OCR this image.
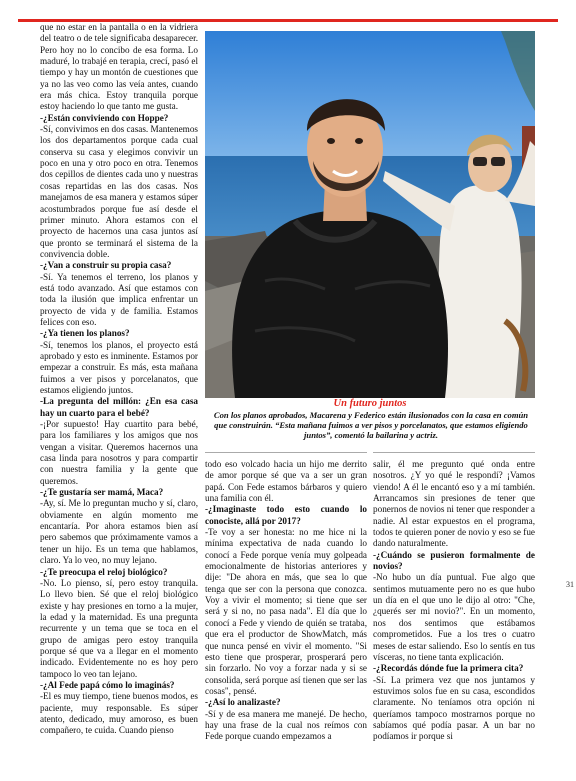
que no estar en la pantalla o en la vidriera del teatro o de tele significaba desaparecer. Pero hoy no lo concibo de esa forma. Lo maduré, lo trabajé en terapia, crecí, pasó el tiempo y hay un montón de cuestiones que ya no las veo como las veía antes, cuando era más chica. Estoy tranquila porque estoy haciendo lo que tanto me gusta.

-¿Están conviviendo con Hoppe?

-Sí, convivimos en dos casas. Mantenemos los dos departamentos porque cada cual conserva su casa y elegimos convivir un poco en una y otro poco en otra. Tenemos dos cepillos de dientes cada uno y nuestras cosas repartidas en las dos casas. Nos manejamos de esa manera y estamos súper acostumbrados porque fue así desde el primer minuto. Ahora estamos con el proyecto de hacernos una casa juntos así que pronto se terminará el sistema de la convivencia doble.

-¿Van a construir su propia casa?

-Sí. Ya tenemos el terreno, los planos y está todo avanzado. Así que estamos con toda la ilusión que implica enfrentar un proyecto de vida y de familia. Estamos felices con eso.

-¿Ya tienen los planos?

-Sí, tenemos los planos, el proyecto está aprobado y esto es inminente. Estamos por empezar a construir. Es más, esta mañana fuimos a ver pisos y porcelanatos, que estamos eligiendo juntos.

-La pregunta del millón: ¿En esa casa hay un cuarto para el bebé?

-¡Por supuesto! Hay cuartito para bebé, para los familiares y los amigos que nos vengan a visitar. Queremos hacernos una casa linda para nosotros y para compartir con nuestra familia y la gente que queremos.

-¿Te gustaría ser mamá, Maca?

-Ay, sí. Me lo preguntan mucho y sí, claro, obviamente en algún momento me encantaría. Por ahora estamos bien así pero sabemos que próximamente vamos a tener un hijo. Es un tema que hablamos, claro. Ya lo veo, no muy lejano.

-¿Te preocupa el reloj biológico?

-No. Lo pienso, sí, pero estoy tranquila. Lo llevo bien. Sé que el reloj biológico existe y hay presiones en torno a la mujer, la edad y la maternidad. Es una pregunta recurrente y un tema que se toca en el grupo de amigas pero estoy tranquila porque sé que va a llegar en el momento indicado. Evidentemente no es hoy pero tampoco lo veo tan lejano.

-¿Al Fede papá cómo lo imaginás?

-El es muy tiempo, tiene buenos modos, es paciente, muy responsable. Es súper atento, dedicado, muy amoroso, es buen compañero, te cuida. Cuando pienso

Un futuro juntos
Con los planos aprobados, Macarena y Federico están ilusionados con la casa en común que construirán. “Esta mañana fuimos a ver pisos y porcelanatos, que estamos eligiendo juntos”, comentó la bailarina y actriz.

todo eso volcado hacia un hijo me derrito de amor porque sé que va a ser un gran papá. Con Fede estamos bárbaros y quiero una familia con él.

-¿Imaginaste todo esto cuando lo conociste, allá por 2017?

-Te voy a ser honesta: no me hice ni la mínima expectativa de nada cuando lo conocí a Fede porque venía muy golpeada emocionalmente de historias anteriores y dije: "De ahora en más, que sea lo que tenga que ser con la persona que conozca. Voy a vivir el momento; si tiene que ser será y si no, no pasa nada". El día que lo conocí a Fede y viendo de quién se trataba, que era el productor de ShowMatch, más que nunca pensé en vivir el momento. "Si esto tiene que prosperar, prosperará pero sin forzarlo. No voy a forzar nada y si se consolida, será porque así tienen que ser las cosas", pensé.

-¿Así lo analizaste?

-Sí y de esa manera me manejé. De hecho, hay una frase de la cual nos reímos con Fede porque cuando empezamos a

salir, él me pregunto qué onda entre nosotros. ¿Y yo qué le respondí? ¡Vamos viendo! A él le encantó eso y a mí también. Arrancamos sin presiones de tener que ponernos de novios ni tener que responder a nadie. Al estar expuestos en el programa, todos te quieren poner de novio y eso se fue dando naturalmente.

-¿Cuándo se pusieron formalmente de novios?

-No hubo un día puntual. Fue algo que sentimos mutuamente pero no es que hubo un día en el que uno le dijo al otro: "Che, ¿querés ser mi novio?". En un momento, nos dos sentimos que estábamos comprometidos. Fue a los tres o cuatro meses de estar saliendo. Eso lo sentís en tus vísceras, no tiene tanta explicación.

-¿Recordás dónde fue la primera cita?

-Sí. La primera vez que nos juntamos y estuvimos solos fue en su casa, escondidos claramente. No teníamos otra opción ni queríamos tampoco mostrarnos porque no sabíamos qué podía pasar. A un bar no podíamos ir porque si

31
